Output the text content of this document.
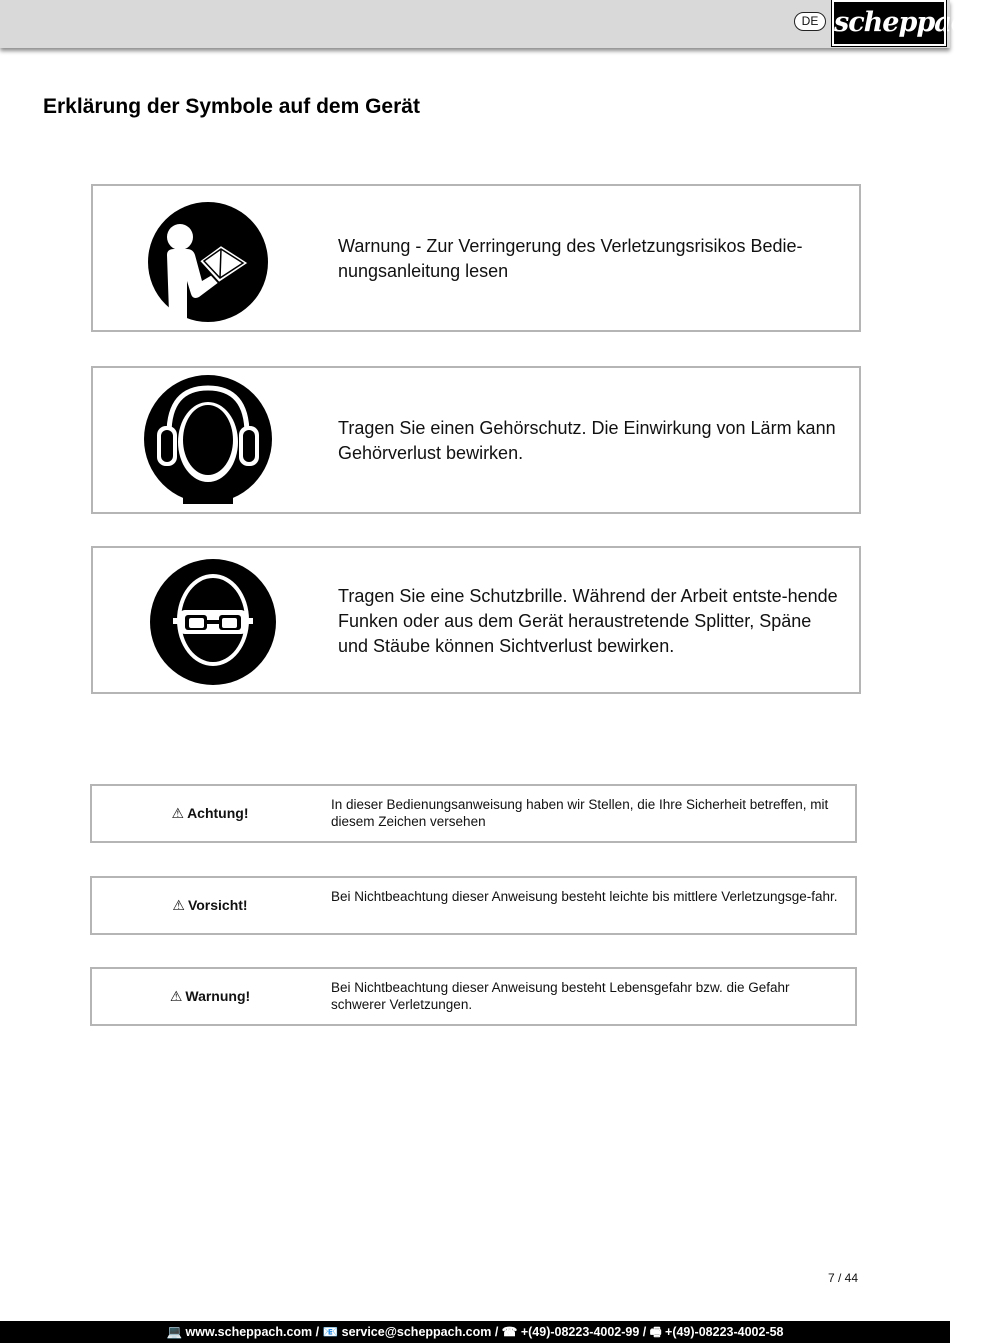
DE scheppach
Erklärung der Symbole auf dem Gerät
Warnung - Zur Verringerung des Verletzungsrisikos Bedie-nungsanleitung lesen
Tragen Sie einen Gehörschutz. Die Einwirkung von Lärm kann Gehörverlust bewirken.
Tragen Sie eine Schutzbrille. Während der Arbeit entste-hende Funken oder aus dem Gerät heraustretende Splitter, Späne und Stäube können Sichtverlust bewirken.
⚠ Achtung!
In dieser Bedienungsanweisung haben wir Stellen, die Ihre Sicherheit betreffen, mit diesem Zeichen versehen
⚠ Vorsicht!
Bei Nichtbeachtung dieser Anweisung besteht leichte bis mittlere Verletzungsge-fahr.
⚠ Warnung!
Bei Nichtbeachtung dieser Anweisung besteht Lebensgefahr bzw. die Gefahr schwerer Verletzungen.
7 / 44
💻 www.scheppach.com / 📧 service@scheppach.com / ☎ +(49)-08223-4002-99 / 🖷 +(49)-08223-4002-58
